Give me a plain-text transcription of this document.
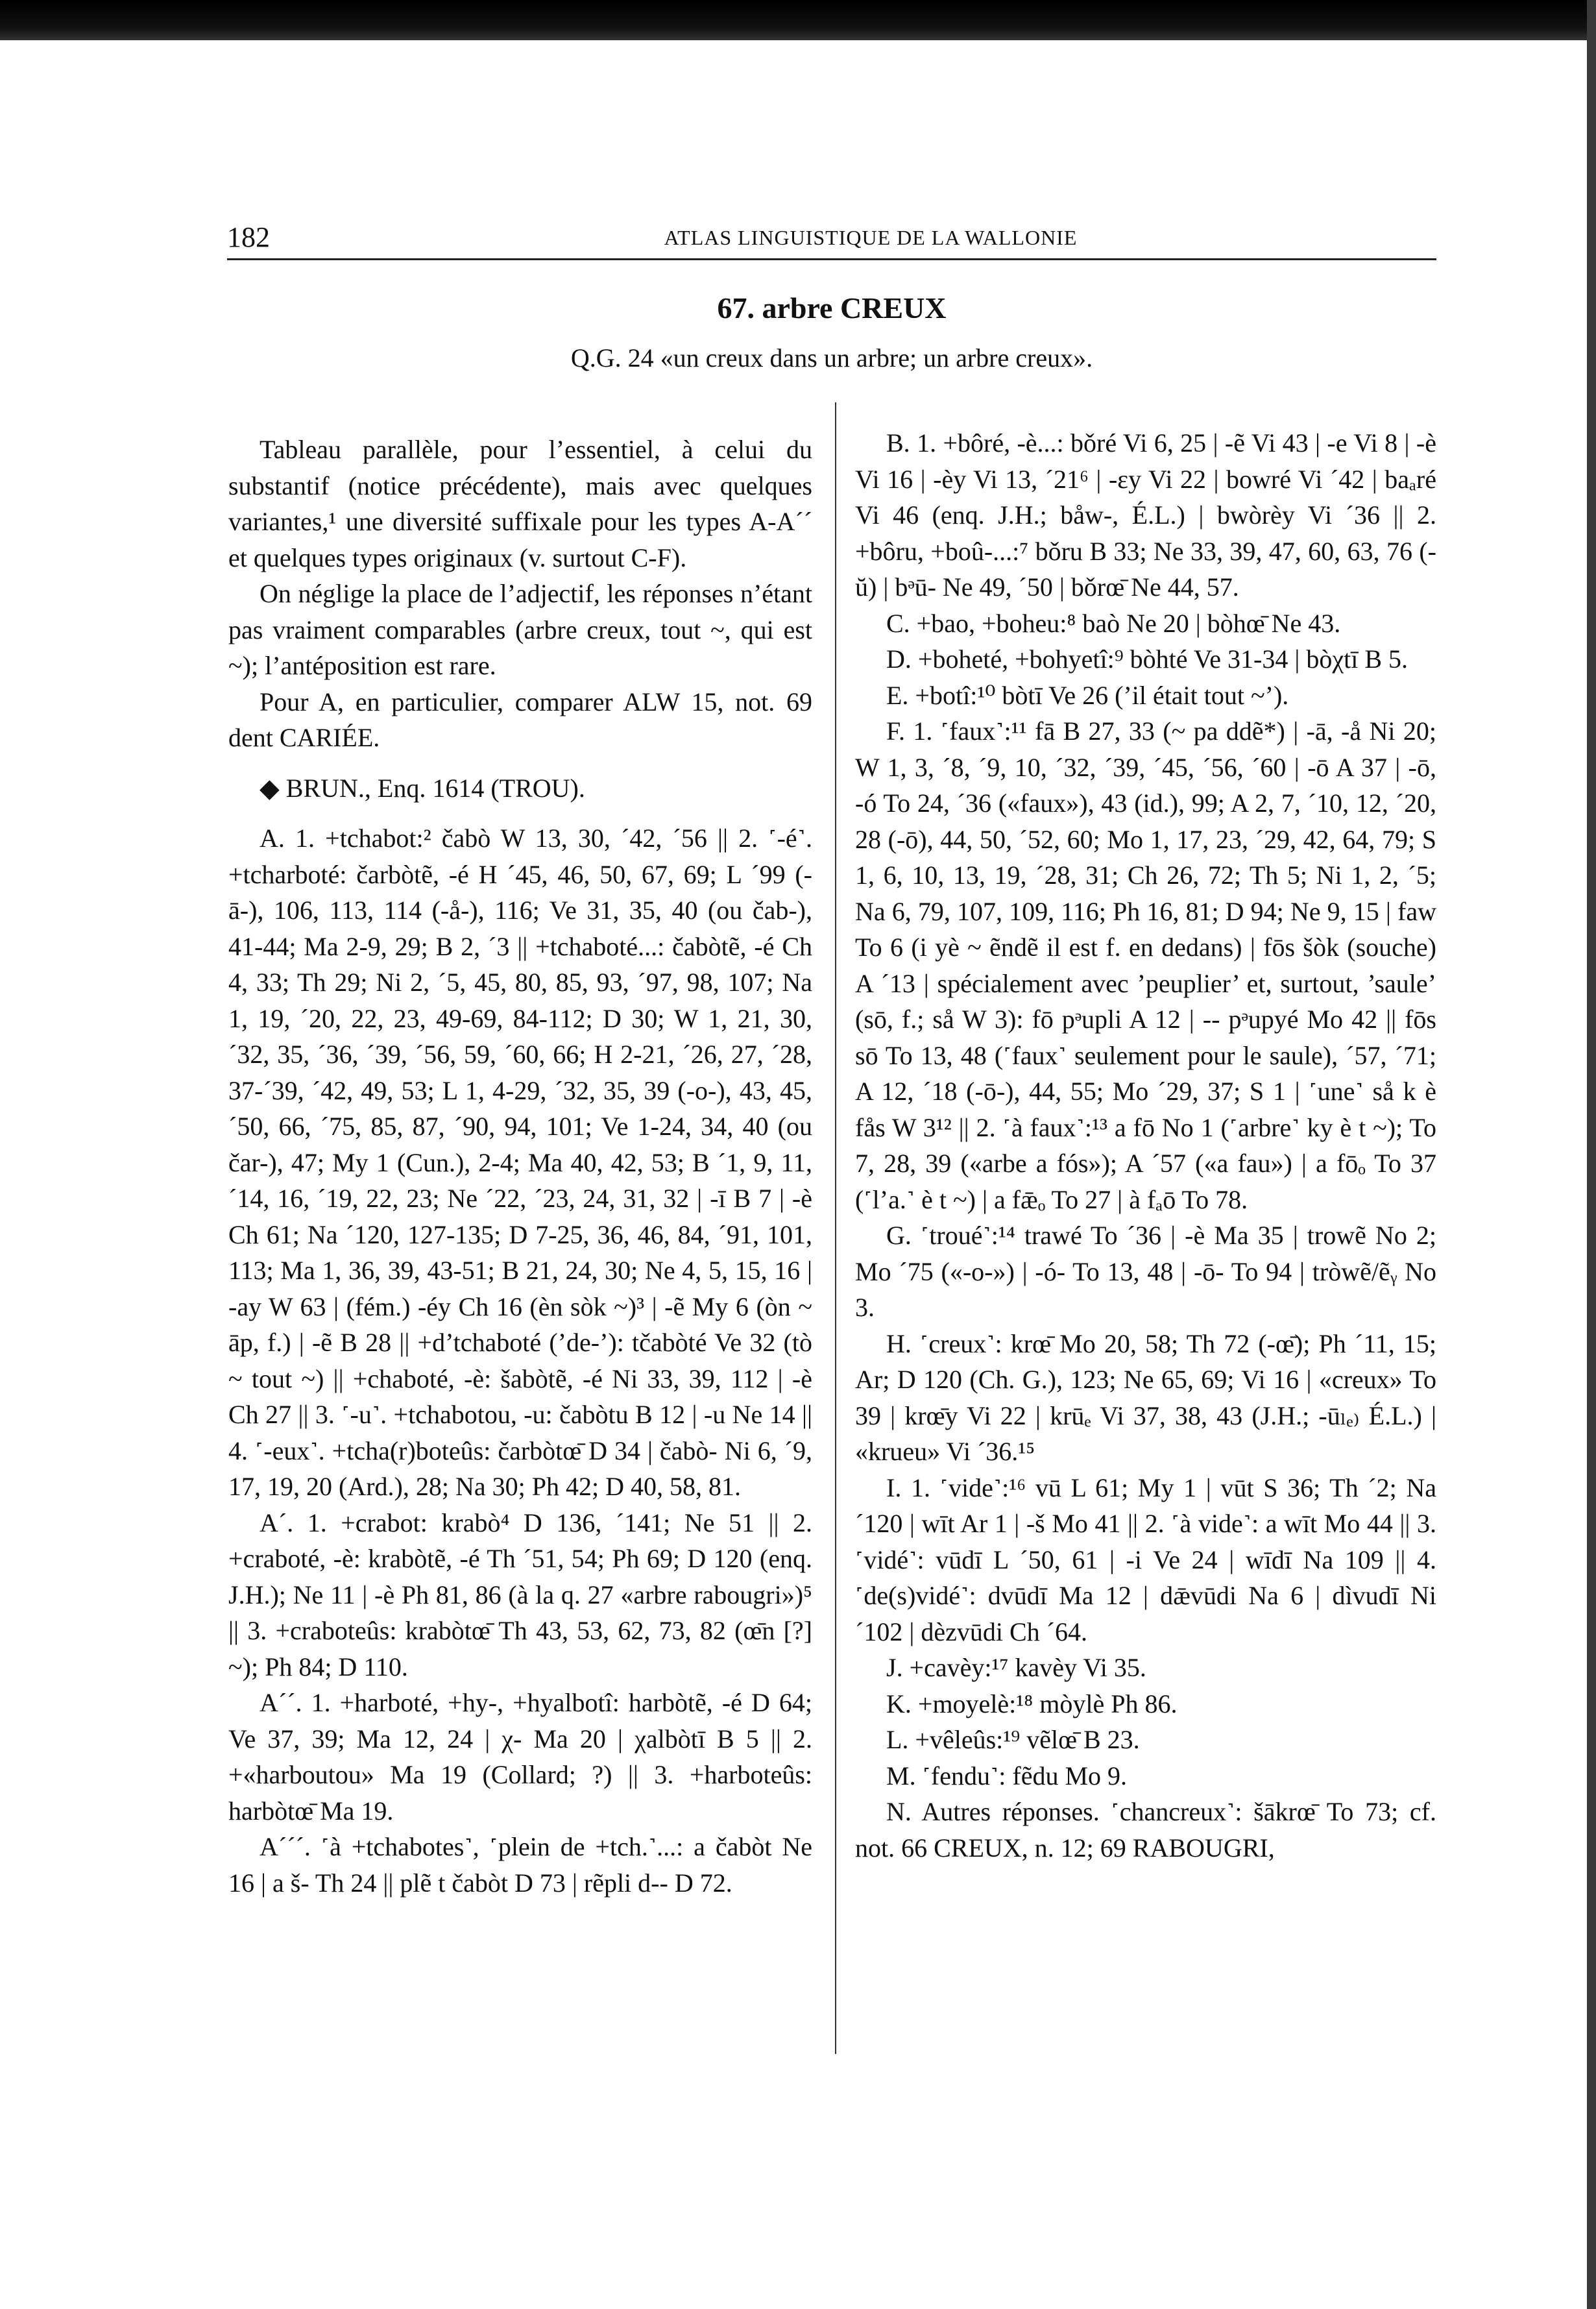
182	ATLAS LINGUISTIQUE DE LA WALLONIE
67. arbre CREUX
Q.G. 24 «un creux dans un arbre; un arbre creux».

Tableau parallèle, pour l’essentiel, à celui du substantif (notice précédente), mais avec quelques variantes,¹ une diversité suffixale pour les types A-A´´ et quelques types originaux (v. surtout C-F).

On néglige la place de l’adjectif, les réponses n’étant pas vraiment comparables (arbre creux, tout ~, qui est ~); l’antéposition est rare.

Pour A, en particulier, comparer ALW 15, not. 69 dent CARIÉE.

◆ BRUN., Enq. 1614 (TROU).

A. 1. +tchabot:² čabò W 13, 30, ´42, ´56 || 2. ˹-é˺. +tcharboté: čarbòtẽ, -é H ´45, 46, 50, 67, 69; L ´99 (-ā-), 106, 113, 114 (-å-), 116; Ve 31, 35, 40 (ou čab-), 41-44; Ma 2-9, 29; B 2, ´3 || +tchaboté...: čabòtẽ, -é Ch 4, 33; Th 29; Ni 2, ´5, 45, 80, 85, 93, ´97, 98, 107; Na 1, 19, ´20, 22, 23, 49-69, 84-112; D 30; W 1, 21, 30, ´32, 35, ´36, ´39, ´56, 59, ´60, 66; H 2-21, ´26, 27, ´28, 37-´39, ´42, 49, 53; L 1, 4-29, ´32, 35, 39 (-o-), 43, 45, ´50, 66, ´75, 85, 87, ´90, 94, 101; Ve 1-24, 34, 40 (ou čar-), 47; My 1 (Cun.), 2-4; Ma 40, 42, 53; B ´1, 9, 11, ´14, 16, ´19, 22, 23; Ne ´22, ´23, 24, 31, 32 | -ī B 7 | -è Ch 61; Na ´120, 127-135; D 7-25, 36, 46, 84, ´91, 101, 113; Ma 1, 36, 39, 43-51; B 21, 24, 30; Ne 4, 5, 15, 16 | -ay W 63 | (fém.) -éy Ch 16 (èn sòk ~)³ | -ẽ My 6 (òn ~ āp, f.) | -ẽ B 28 || +d’tchaboté (’de-’): tčabòté Ve 32 (tò ~ tout ~) || +chaboté, -è: šabòtẽ, -é Ni 33, 39, 112 | -è Ch 27 || 3. ˹-u˺. +tchabotou, -u: čabòtu B 12 | -u Ne 14 || 4. ˹-eux˺. +tcha(r)boteûs: čarbòtœ̄ D 34 | čabò- Ni 6, ´9, 17, 19, 20 (Ard.), 28; Na 30; Ph 42; D 40, 58, 81.

A´. 1. +crabot: krabò⁴ D 136, ´141; Ne 51 || 2. +craboté, -è: krabòtẽ, -é Th ´51, 54; Ph 69; D 120 (enq. J.H.); Ne 11 | -è Ph 81, 86 (à la q. 27 «arbre rabougri»)⁵ || 3. +craboteûs: krabòtœ̄ Th 43, 53, 62, 73, 82 (œ̄n [?] ~); Ph 84; D 110.

A´´. 1. +harboté, +hy-, +hyalbotî: harbòtẽ, -é D 64; Ve 37, 39; Ma 12, 24 | χ- Ma 20 | χalbòtī B 5 || 2. +«harboutou» Ma 19 (Collard; ?) || 3. +harboteûs: harbòtœ̄ Ma 19.

A´´´. ˹à +tchabotes˺, ˹plein de +tch.˺...: a čabòt Ne 16 | a š- Th 24 || plẽ t čabòt D 73 | rẽpli d-- D 72.

B. 1. +bôré, -è...: bǒré Vi 6, 25 | -ẽ Vi 43 | -e Vi 8 | -è Vi 16 | -èy Vi 13, ´21⁶ | -ɛy Vi 22 | bowré Vi ´42 | baₐré Vi 46 (enq. J.H.; båw-, É.L.) | bwòrèy Vi ´36 || 2. +bôru, +boû-...:⁷ bǒru B 33; Ne 33, 39, 47, 60, 63, 76 (-ŭ) | bᵊū- Ne 49, ´50 | bǒrœ̄ Ne 44, 57.

C. +bao, +boheu:⁸ baò Ne 20 | bòhœ̄ Ne 43.

D. +boheté, +bohyetî:⁹ bòhté Ve 31-34 | bòχtī B 5.

E. +botî:¹⁰ bòtī Ve 26 (’il était tout ~’).

F. 1. ˹faux˺:¹¹ fā B 27, 33 (~ pa ddẽ*) | -ā, -å Ni 20; W 1, 3, ´8, ´9, 10, ´32, ´39, ´45, ´56, ´60 | -ō A 37 | -ō, -ó To 24, ´36 («faux»), 43 (id.), 99; A 2, 7, ´10, 12, ´20, 28 (-ō), 44, 50, ´52, 60; Mo 1, 17, 23, ´29, 42, 64, 79; S 1, 6, 10, 13, 19, ´28, 31; Ch 26, 72; Th 5; Ni 1, 2, ´5; Na 6, 79, 107, 109, 116; Ph 16, 81; D 94; Ne 9, 15 | faw To 6 (i yè ~ ẽndẽ il est f. en dedans) | fōs šòk (souche) A ´13 | spécialement avec ’peuplier’ et, surtout, ’saule’ (sō, f.; så W 3): fō pᵊupli A 12 | -- pᵊupyé Mo 42 || fōs sō To 13, 48 (˹faux˺ seulement pour le saule), ´57, ´71; A 12, ´18 (-ō-), 44, 55; Mo ´29, 37; S 1 | ˹une˺ så k è fås W 3¹² || 2. ˹à faux˺:¹³ a fō No 1 (˹arbre˺ ky è t ~); To 7, 28, 39 («arbe a fós»); A ´57 («a fau») | a fōₒ To 37 (˹l’a.˺ è t ~) | a fǣₒ To 27 | à fₐō To 78.

G. ˹troué˺:¹⁴ trawé To ´36 | -è Ma 35 | trowẽ No 2; Mo ´75 («-o-») | -ó- To 13, 48 | -ō- To 94 | tròwẽ/ẽᵧ No 3.

H. ˹creux˺: krœ̄ Mo 20, 58; Th 72 (-œ̄); Ph ´11, 15; Ar; D 120 (Ch. G.), 123; Ne 65, 69; Vi 16 | «creux» To 39 | krœ̄y Vi 22 | krūₑ Vi 37, 38, 43 (J.H.; -ūₗₑ₎ É.L.) | «krueu» Vi ´36.¹⁵

I. 1. ˹vide˺:¹⁶ vū L 61; My 1 | vūt S 36; Th ´2; Na ´120 | wīt Ar 1 | -š Mo 41 || 2. ˹à vide˺: a wīt Mo 44 || 3. ˹vidé˺: vūdī L ´50, 61 | -i Ve 24 | wīdī Na 109 || 4. ˹de(s)vidé˺: dvūdī Ma 12 | dǣvūdi Na 6 | dìvudī Ni ´102 | dèzvūdi Ch ´64.

J. +cavèy:¹⁷ kavèy Vi 35.

K. +moyelè:¹⁸ mòylè Ph 86.

L. +vêleûs:¹⁹ vẽlœ̄ B 23.

M. ˹fendu˺: fẽdu Mo 9.

N. Autres réponses. ˹chancreux˺: šākrœ̄ To 73; cf. not. 66 CREUX, n. 12; 69 RABOUGRI,
